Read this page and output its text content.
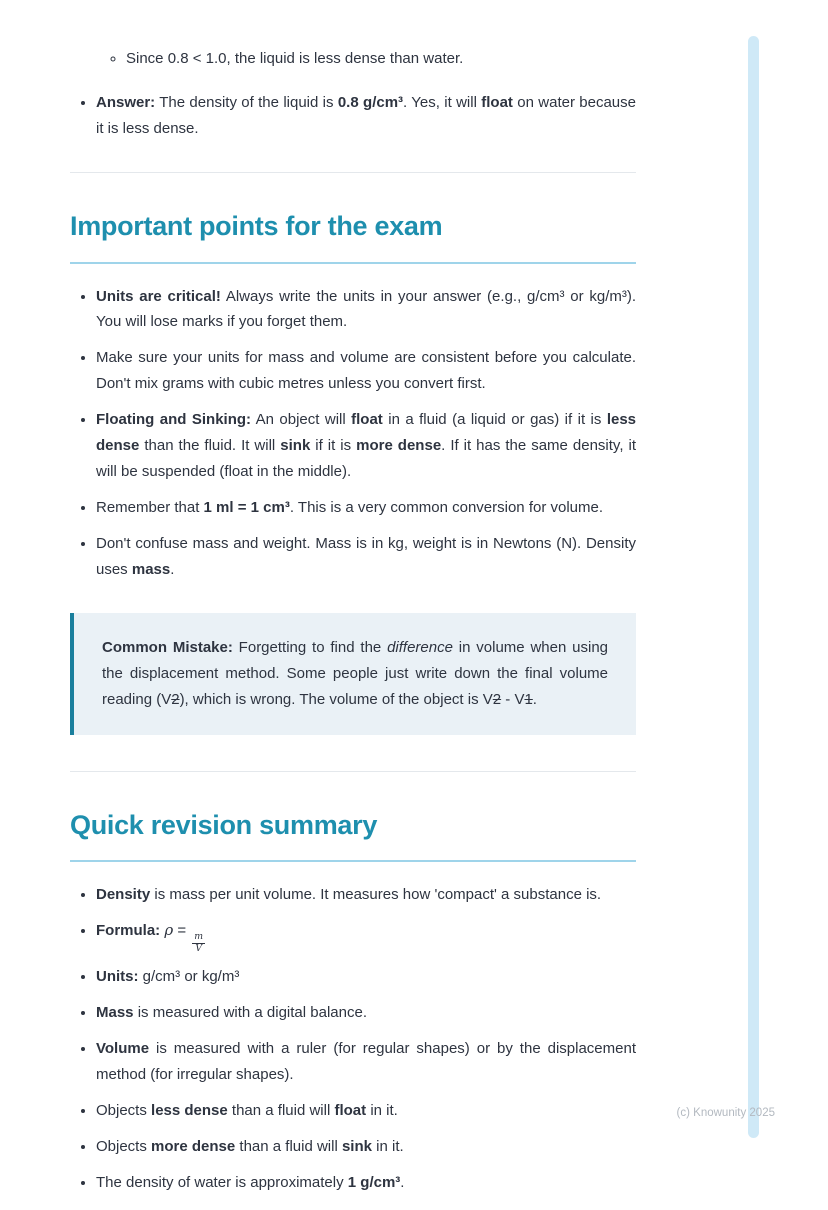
◦ Since 0.8 < 1.0, the liquid is less dense than water.
• Answer: The density of the liquid is 0.8 g/cm³. Yes, it will float on water because it is less dense.
Important points for the exam
• Units are critical! Always write the units in your answer (e.g., g/cm³ or kg/m³). You will lose marks if you forget them.
• Make sure your units for mass and volume are consistent before you calculate. Don't mix grams with cubic metres unless you convert first.
• Floating and Sinking: An object will float in a fluid (a liquid or gas) if it is less dense than the fluid. It will sink if it is more dense. If it has the same density, it will be suspended (float in the middle).
• Remember that 1 ml = 1 cm³. This is a very common conversion for volume.
• Don't confuse mass and weight. Mass is in kg, weight is in Newtons (N). Density uses mass.

Common Mistake: Forgetting to find the difference in volume when using the displacement method. Some people just write down the final volume reading (V2), which is wrong. The volume of the object is V2 - V1.

Quick revision summary
• Density is mass per unit volume. It measures how 'compact' a substance is.
• Formula: ρ =
$\frac{m}{V}$
• Units: g/cm³ or kg/m³
• Mass is measured with a digital balance.
• Volume is measured with a ruler (for regular shapes) or by the displacement method (for irregular shapes).
• Objects less dense than a fluid will float in it.
• Objects more dense than a fluid will sink in it.
• The density of water is approximately 1 g/cm³.
(c) Knowunity 2025
